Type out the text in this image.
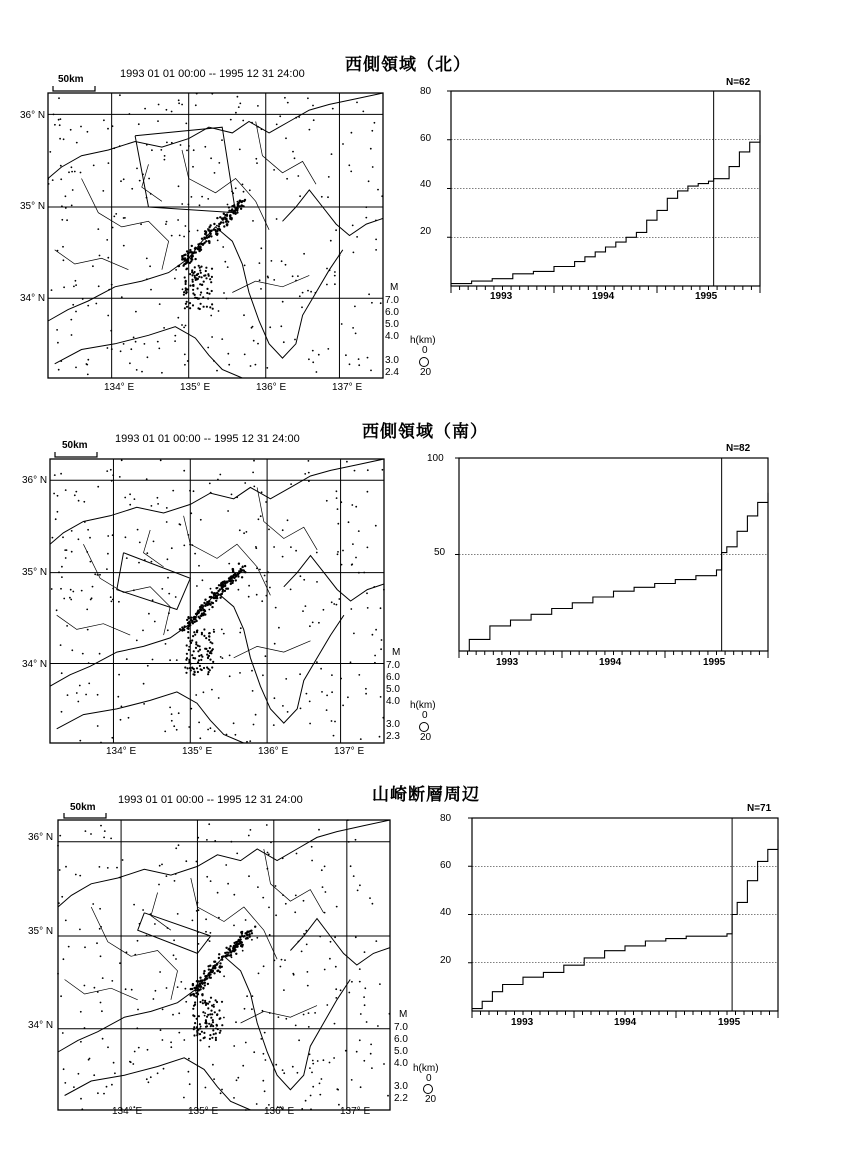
西側領域（北）
1993 01 01 00:00 -- 1995 12 31 24:00
50km
36° N
35° N
34° N
134° E	135° E	136° E	137° E
M
7.0
6.0
5.0
4.0
3.0
2.4
h(km)
0
20
N=62
80
60
40
20
1993	1994	1995
西側領域（南）
1993 01 01 00:00 -- 1995 12 31 24:00
50km
36° N
35° N
34° N
134° E	135° E	136° E	137° E
M
7.0
6.0
5.0
4.0
3.0
2.3
h(km)
0
20
N=82
100
50
1993	1994	1995
山崎断層周辺
1993 01 01 00:00 -- 1995 12 31 24:00
50km
36° N
35° N
34° N
134° E	135° E	136° E	137° E
M
7.0
6.0
5.0
4.0
3.0
2.2
h(km)
0
20
N=71
80
60
40
20
1993	1994	1995
